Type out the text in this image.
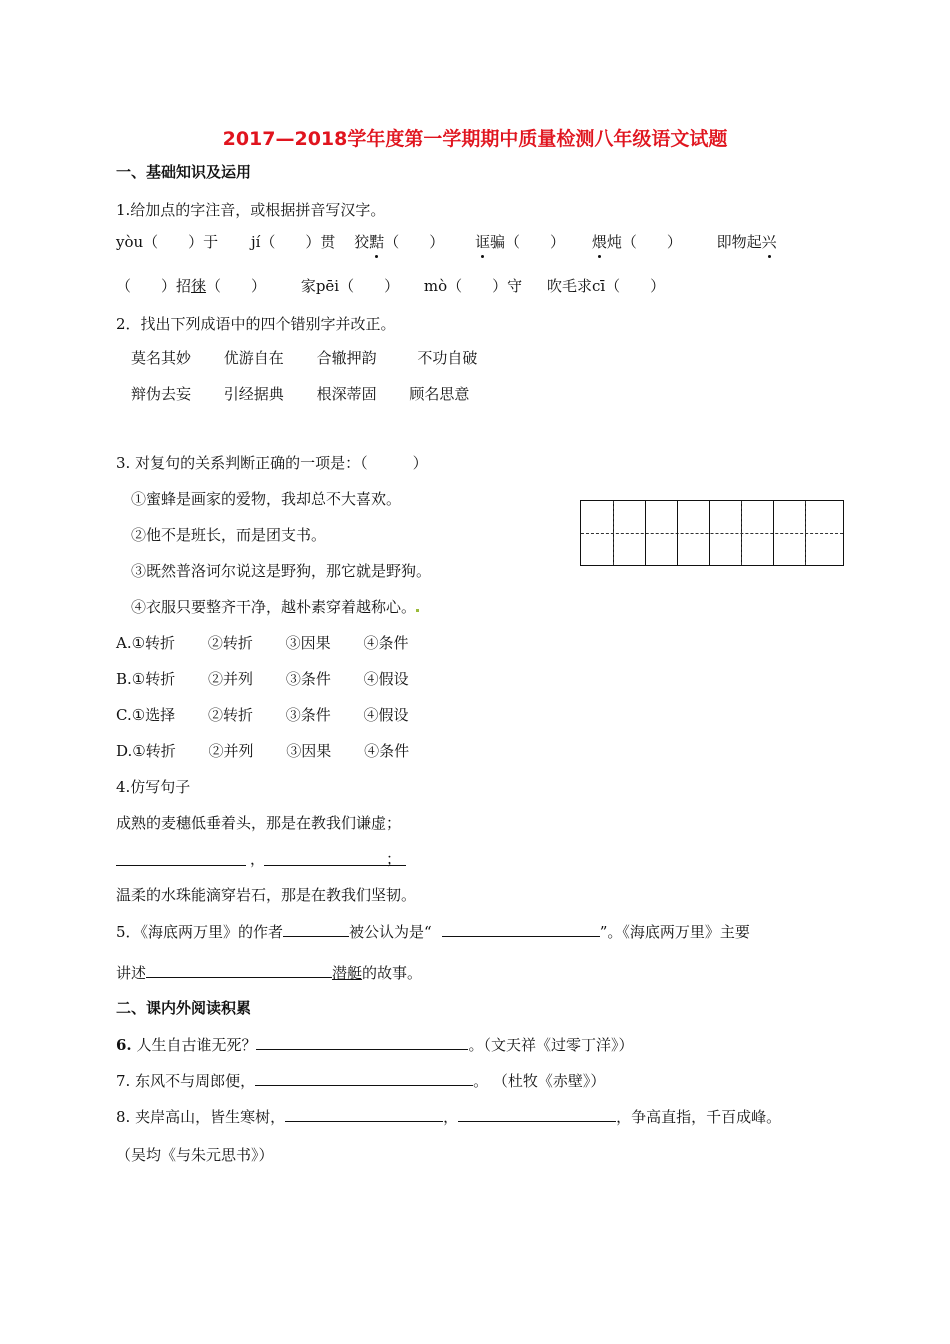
2017—2018学年度第一学期期中质量检测八年级语文试题
一、基础知识及运用
1.给加点的字注音，或根据拼音写汉字。
yòu（　　）于 jí（　　）贯 狡黠（　　） 诓骗（　　） 煨炖（　　） 即物起兴
（　　）招徕（　　） 家pēi（　　） mò（　　）守 吹毛求cī（　　）
2．找出下列成语中的四个错别字并改正。
莫名其妙 优游自在 合辙押韵	不功自破
辩伪去妄 引经据典 根深蒂固 顾名思意
3. 对复句的关系判断正确的一项是：（　　　）
①蜜蜂是画家的爱物，我却总不大喜欢。
②他不是班长，而是团支书。
③既然普洛诃尔说这是野狗，那它就是野狗。
④衣服只要整齐干净，越朴素穿着越称心。
A.①转折 ②转折 ③因果 ④条件
B.①转折 ②并列 ③条件 ④假设
C.①选择 ②转折 ③条件 ④假设
D.①转折 ②并列 ③因果 ④条件
4.仿写句子
成熟的麦穗低垂着头，那是在教我们谦虚；
，	；
温柔的水珠能滴穿岩石，那是在教我们坚韧。
5．《海底两万里》的作者	被公认为是“	”。《海底两万里》主要
讲述	潜艇的故事。
二、课内外阅读积累
6. 人生自古谁无死？	。（文天祥《过零丁洋》）
7. 东风不与周郎便，	。 （杜牧《赤壁》）
8. 夹岸高山，皆生寒树，	，	，争高直指，千百成峰。
（吴均《与朱元思书》）
